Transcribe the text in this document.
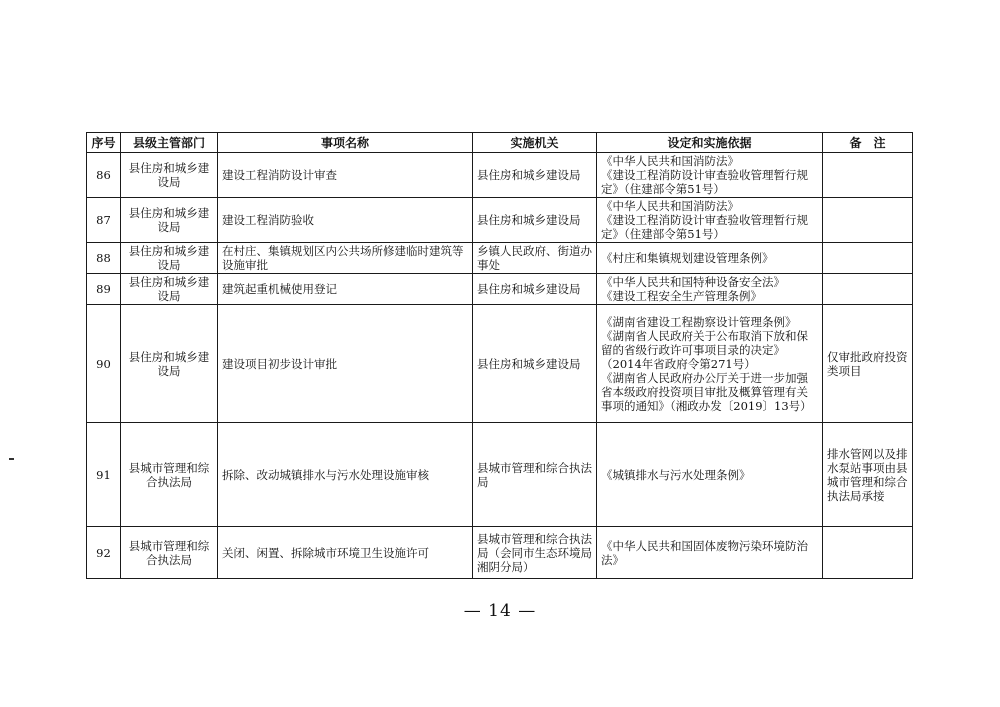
序号	县级主管部门	事项名称	实施机关	设定和实施依据	备　注
86	县住房和城乡建设局	建设工程消防设计审查	县住房和城乡建设局	《中华人民共和国消防法》
《建设工程消防设计审查验收管理暂行规定》（住建部令第51号）	

87	县住房和城乡建设局	建设工程消防验收	县住房和城乡建设局	《中华人民共和国消防法》
《建设工程消防设计审查验收管理暂行规定》（住建部令第51号）	

88	县住房和城乡建设局	在村庄、集镇规划区内公共场所修建临时建筑等设施审批	乡镇人民政府、街道办事处	《村庄和集镇规划建设管理条例》	

89	县住房和城乡建设局	建筑起重机械使用登记	县住房和城乡建设局	《中华人民共和国特种设备安全法》
《建设工程安全生产管理条例》	

90	县住房和城乡建设局	建设项目初步设计审批	县住房和城乡建设局	《湖南省建设工程勘察设计管理条例》
《湖南省人民政府关于公布取消下放和保留的省级行政许可事项目录的决定》（2014年省政府令第271号）
《湖南省人民政府办公厅关于进一步加强省本级政府投资项目审批及概算管理有关事项的通知》（湘政办发〔2019〕13号）	仅审批政府投资类项目
91	县城市管理和综合执法局	拆除、改动城镇排水与污水处理设施审核	县城市管理和综合执法局	《城镇排水与污水处理条例》	排水管网以及排水泵站事项由县城市管理和综合执法局承接
92	县城市管理和综合执法局	关闭、闲置、拆除城市环境卫生设施许可	县城市管理和综合执法局（会同市生态环境局湘阴分局）	《中华人民共和国固体废物污染环境防治法》	

— 14 —
